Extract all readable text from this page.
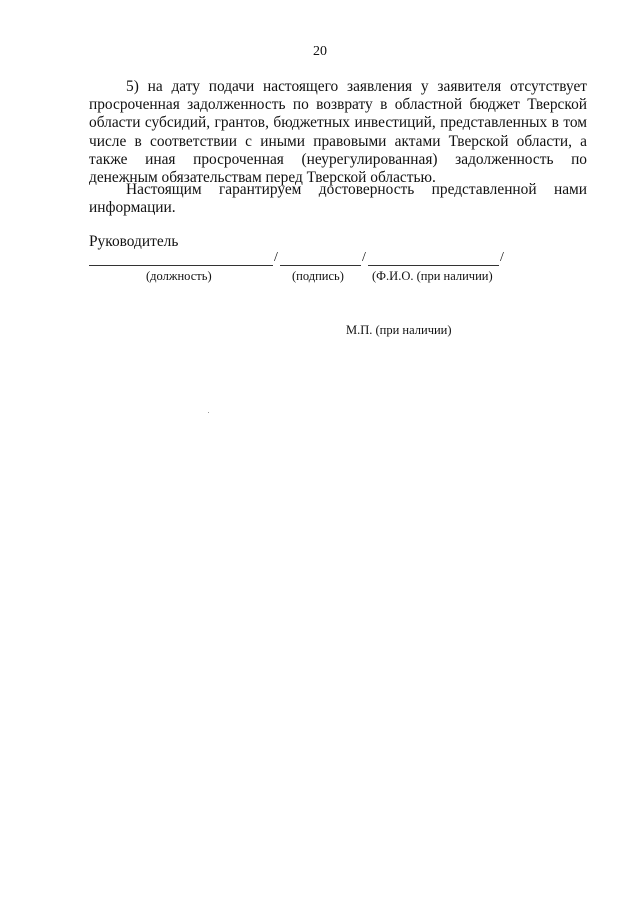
20

5) на дату подачи настоящего заявления у заявителя отсутствует просроченная задолженность по возврату в областной бюджет Тверской области субсидий, грантов, бюджетных инвестиций, представленных в том числе в соответствии с иными правовыми актами Тверской области, а также иная просроченная (неурегулированная) задолженность по денежным обязательствам перед Тверской областью.

Настоящим гарантируем достоверность представленной нами информации.

Руководитель
/	/	/
(должность)	(подпись) (Ф.И.О. (при наличии)
М.П. (при наличии)
